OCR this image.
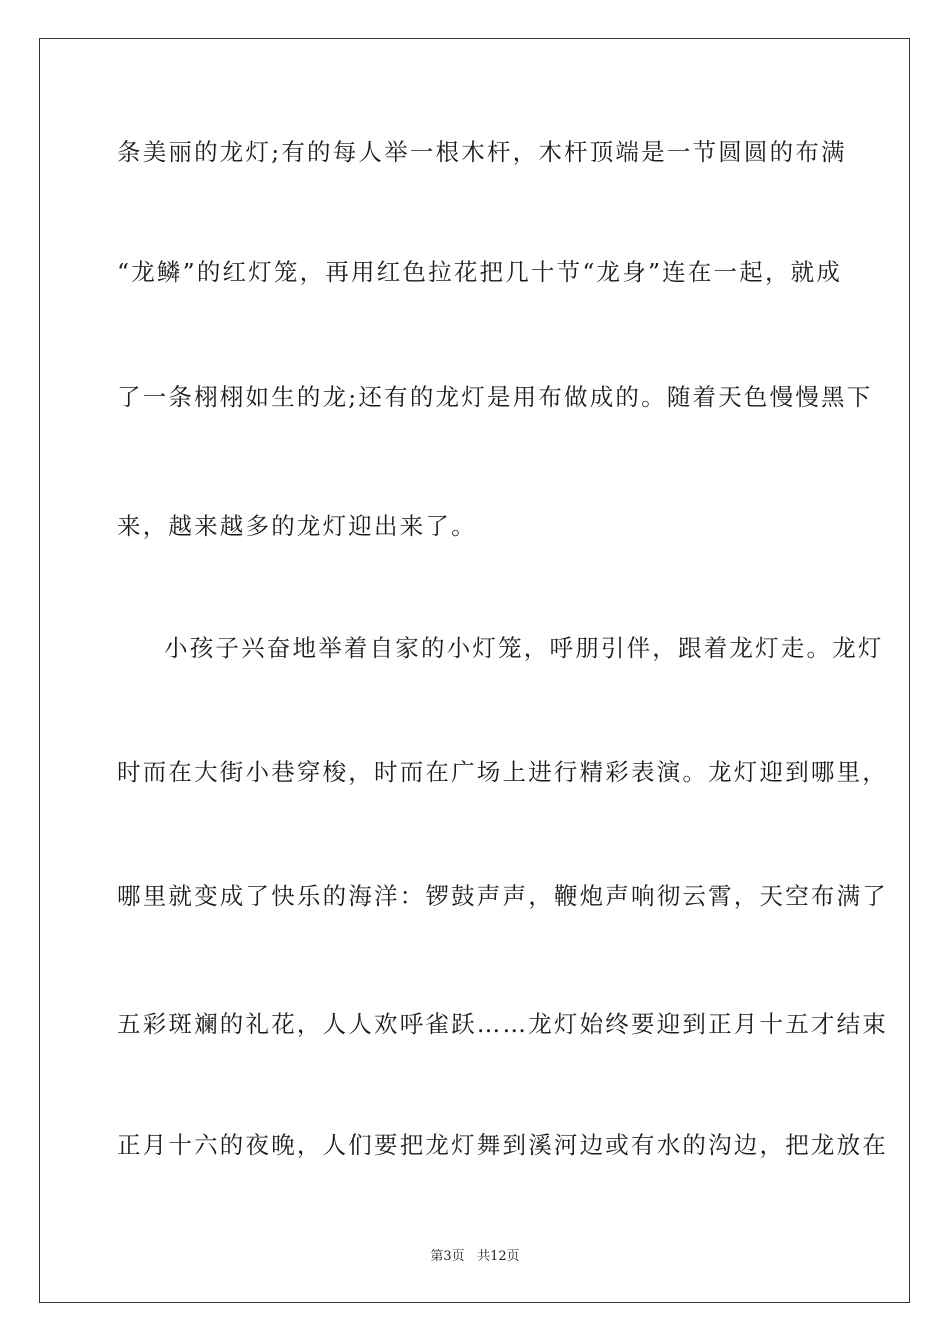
条美丽的龙灯;有的每人举一根木杆，木杆顶端是一节圆圆的布满
“龙鳞”的红灯笼，再用红色拉花把几十节“龙身”连在一起，就成
了一条栩栩如生的龙;还有的龙灯是用布做成的。随着天色慢慢黑下
来，越来越多的龙灯迎出来了。
小孩子兴奋地举着自家的小灯笼，呼朋引伴，跟着龙灯走。龙灯
时而在大街小巷穿梭，时而在广场上进行精彩表演。龙灯迎到哪里，
哪里就变成了快乐的海洋：锣鼓声声，鞭炮声响彻云霄，天空布满了
五彩斑斓的礼花，人人欢呼雀跃……龙灯始终要迎到正月十五才结束
正月十六的夜晚，人们要把龙灯舞到溪河边或有水的沟边，把龙放在
第3页 共12页
